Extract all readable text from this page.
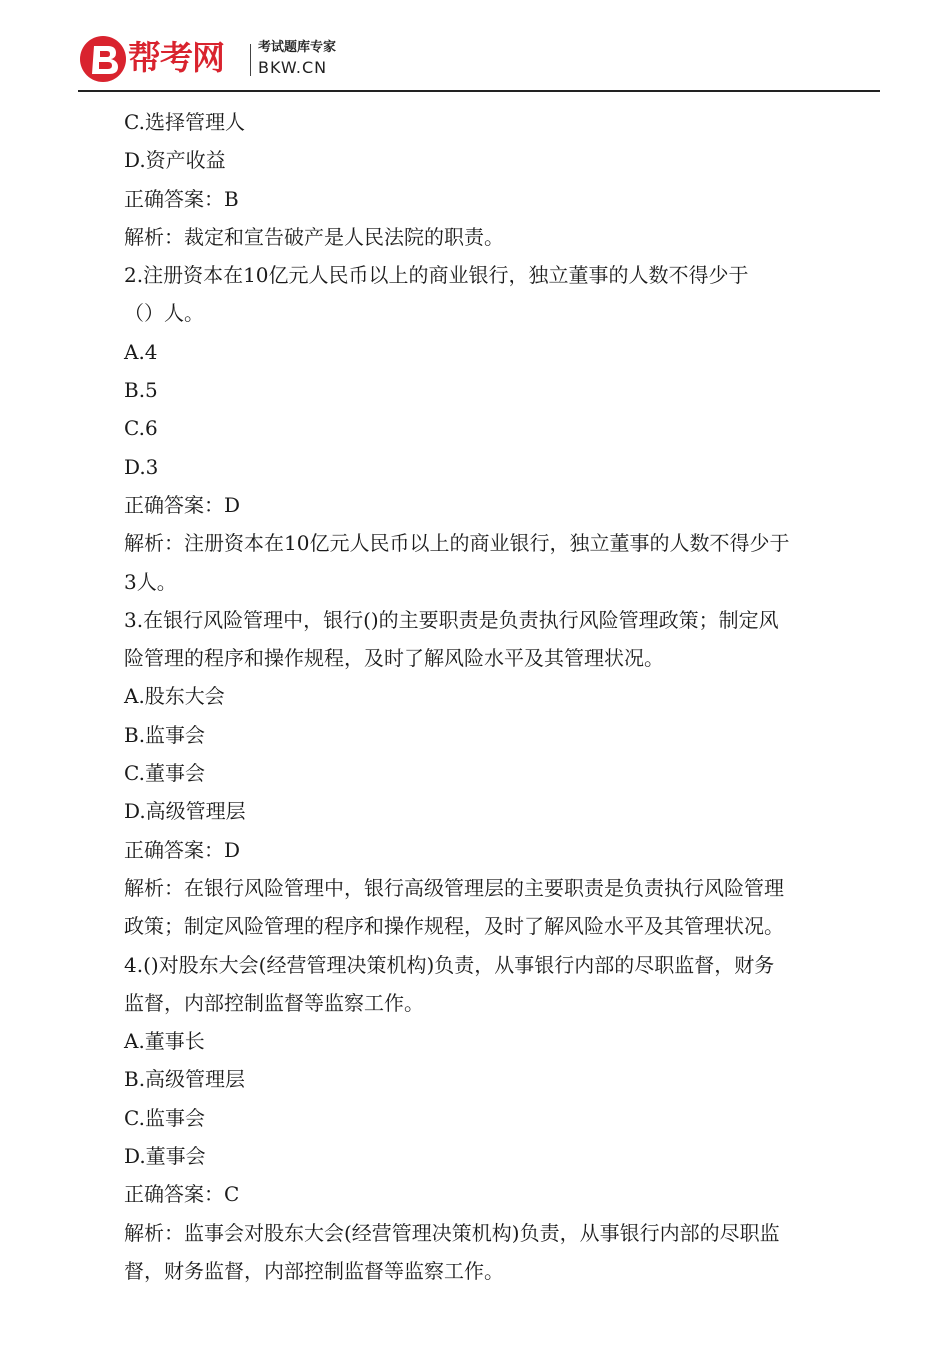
帮考网	考试题库专家
BKW.CN
C.选择管理人
D.资产收益
正确答案：B
解析：裁定和宣告破产是人民法院的职责。
2.注册资本在10亿元人民币以上的商业银行，独立董事的人数不得少于
（）人。
A.4
B.5
C.6
D.3
正确答案：D
解析：注册资本在10亿元人民币以上的商业银行，独立董事的人数不得少于
3人。
3.在银行风险管理中，银行()的主要职责是负责执行风险管理政策；制定风
险管理的程序和操作规程，及时了解风险水平及其管理状况。
A.股东大会
B.监事会
C.董事会
D.高级管理层
正确答案：D
解析：在银行风险管理中，银行高级管理层的主要职责是负责执行风险管理
政策；制定风险管理的程序和操作规程，及时了解风险水平及其管理状况。
4.()对股东大会(经营管理决策机构)负责，从事银行内部的尽职监督，财务
监督，内部控制监督等监察工作。
A.董事长
B.高级管理层
C.监事会
D.董事会
正确答案：C
解析：监事会对股东大会(经营管理决策机构)负责，从事银行内部的尽职监
督，财务监督，内部控制监督等监察工作。
